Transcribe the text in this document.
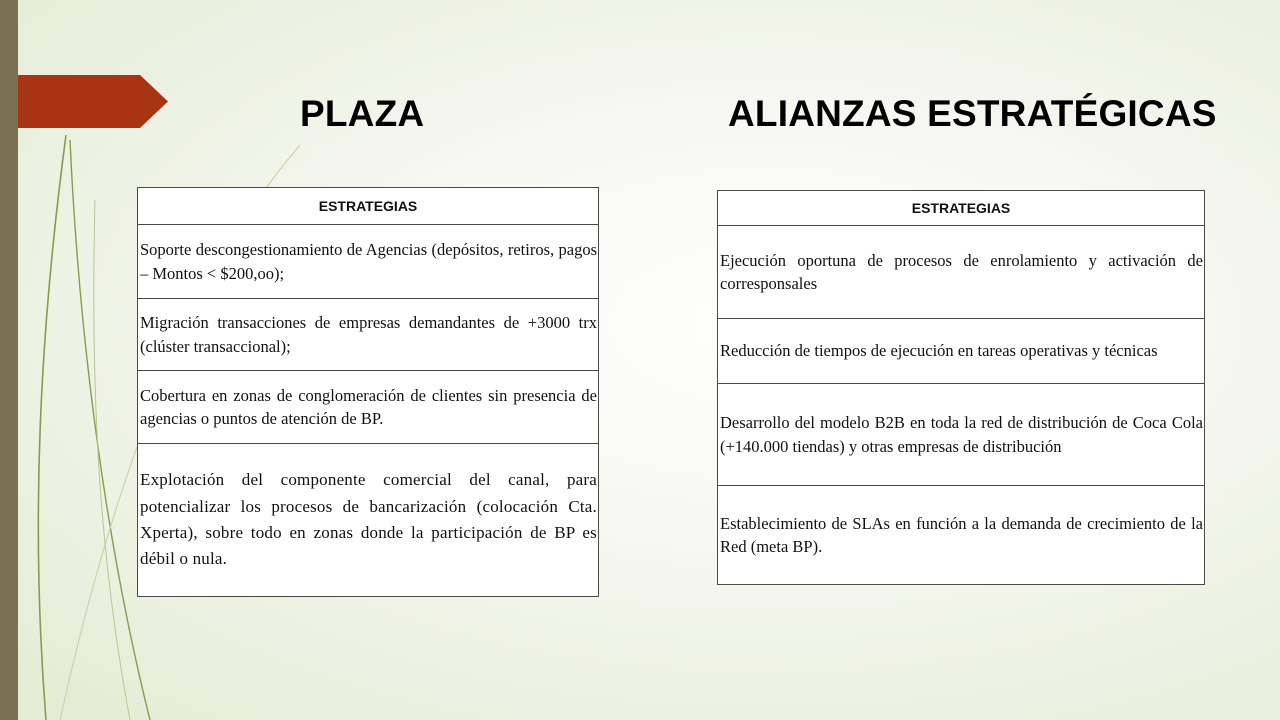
PLAZA	ALIANZAS ESTRATÉGICAS
ESTRATEGIAS
Soporte descongestionamiento de Agencias (depósitos, retiros, pagos – Montos < $200,oo);
Migración transacciones de empresas demandantes de +3000 trx (clúster transaccional);
Cobertura en zonas de conglomeración de clientes sin presencia de agencias o puntos de atención de BP.
Explotación del componente comercial del canal, para potencializar los procesos de bancarización (colocación Cta. Xperta), sobre todo en zonas donde la participación de BP es débil o nula.
ESTRATEGIAS
Ejecución oportuna de procesos de enrolamiento y activación de corresponsales
Reducción de tiempos de ejecución en tareas operativas y técnicas
Desarrollo del modelo B2B en toda la red de distribución de Coca Cola (+140.000 tiendas) y otras empresas de distribución
Establecimiento de SLAs en función a la demanda de crecimiento de la Red (meta BP).
